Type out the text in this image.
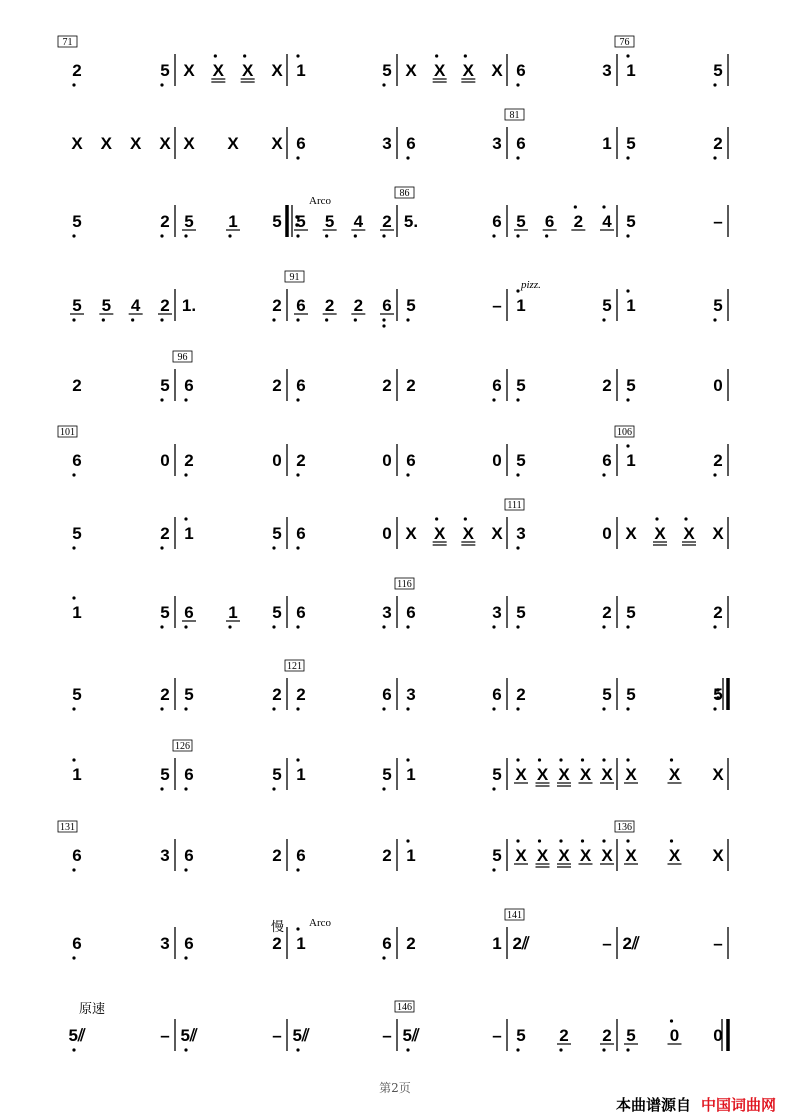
71
2	5 X X X X 1	5 X X X X 6	3
76
1	5
X X X X X X X 6	3 6	3
81
6	1 5	2
5	2 5 1 5
Arco
5 5 4 2
86
5.	6 5 6 2 4 5	–
5 5 4 2 1.	2
91
6 2 2 6 5	–
pizz.
1	5 1	5
2	5
96
6	2 6	2 2	6 5	2 5	0
101
6	0 2	0 2	0 6	0 5	6
106
1	2
5	2 1	5 6	0 X X X X
111
3	0 X X X X
1	5 6 1 5 6	3
116
6	3 5	2 5	2
5	2 5	2
121
2	6 3	6 2	5 5	5
1	5
126
6	5 1	5 1	5 X X X X X X X X
131
6	3 6	2 6	2 1	5 X X X X X
136
X X X
6	3 6	2
Arco
慢
1	6 2	1
141
2⫽	– 2⫽	–
原速
5⫽	– 5⫽	– 5⫽	–
146
5⫽	– 5 2 2 5 0 0
第2页
本曲谱源自 中国词曲网
